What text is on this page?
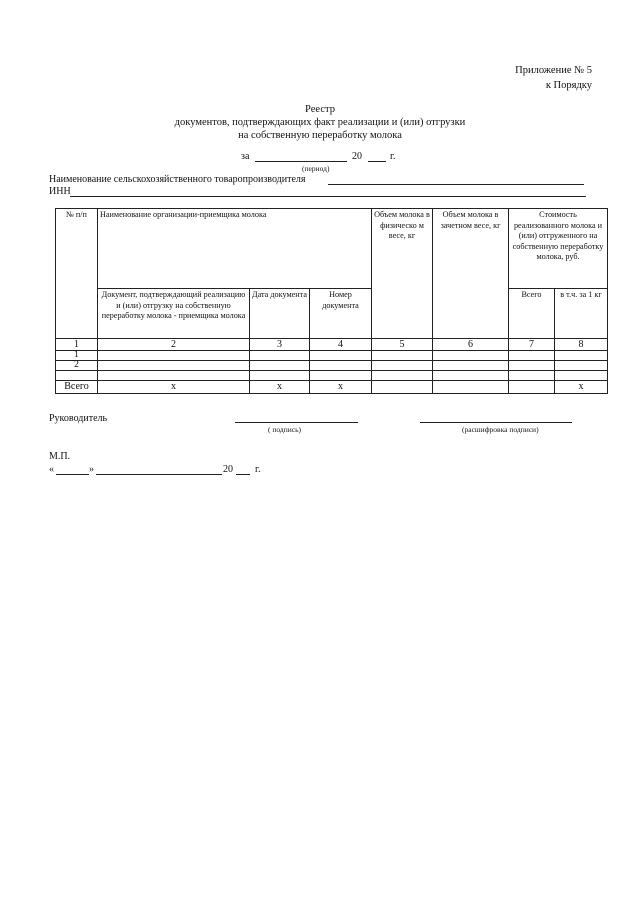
Приложение № 5
к Порядку
Реестр
документов, подтверждающих факт реализации и (или) отгрузки
на собственную переработку молока
за	20	г.
(период)
Наименование сельскохозяйственного товаропроизводителя
ИНН
№ п/п	Наименование организации-приемщика молока			Объем молока в физическо м весе, кг	Объем молока в зачетном весе, кг	Стоимость реализованного молока и (или) отгруженного на собственную переработку молока, руб.	
	Документ, подтверждающий реализацию и (или) отгрузку на собственную переработку молока - приемщика молока	Дата документа	Номер документа			Всего	в т.ч. за 1 кг
1	2	3	4	5	6	7	8
1							
2							

Всего	х	х	х				х
Руководитель
( подпись)	(расшифровка подписи)
М.П.
«	»	20 г.
